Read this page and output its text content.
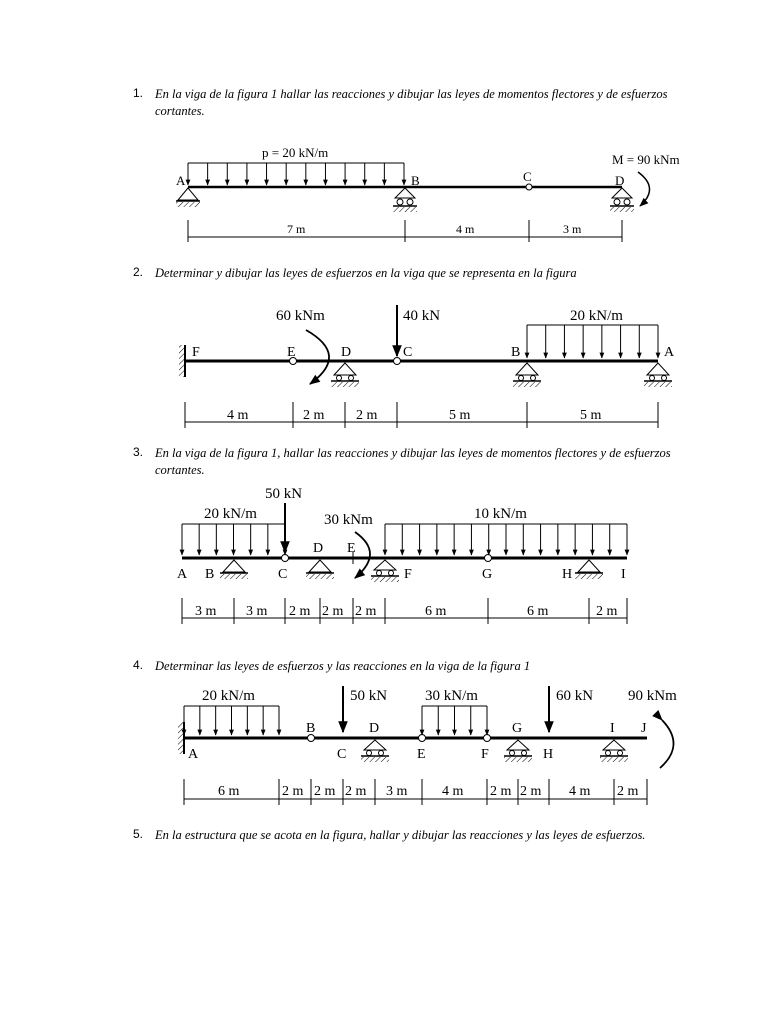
1. En la viga de la figura 1 hallar las reacciones y dibujar las leyes de momentos flectores y de esfuerzos cortantes.
2. Determinar y dibujar las leyes de esfuerzos en la viga que se representa en la figura
3. En la viga de la figura 1, hallar las reacciones y dibujar las leyes de momentos flectores y de esfuerzos cortantes.
4. Determinar las leyes de esfuerzos y las reacciones en la viga de la figura 1
5. En la estructura que se acota en la figura, hallar y dibujar las reacciones y las leyes de esfuerzos.
p = 20 kN/m	M = 90 kNm
A	B	C	D
7 m	4 m	3 m
60 kNm	40 kN	20 kN/m
F	E	D	C	B	A
4 m	2 m 2 m	5 m	5 m
20 kN/m
50 kN
30 kNm	10 kN/m
A B	C
D E
F	G	H	I
3 m 3 m 2 m 2 m 2 m	6 m	6 m	2 m
20 kN/m	50 kN	30 kN/m	60 kN 90 kNm
A
B
C
D
E	F
G
H
I J
6 m	2 m 2 m 2 m 3 m 4 m 2 m 2 m 4 m 2 m
